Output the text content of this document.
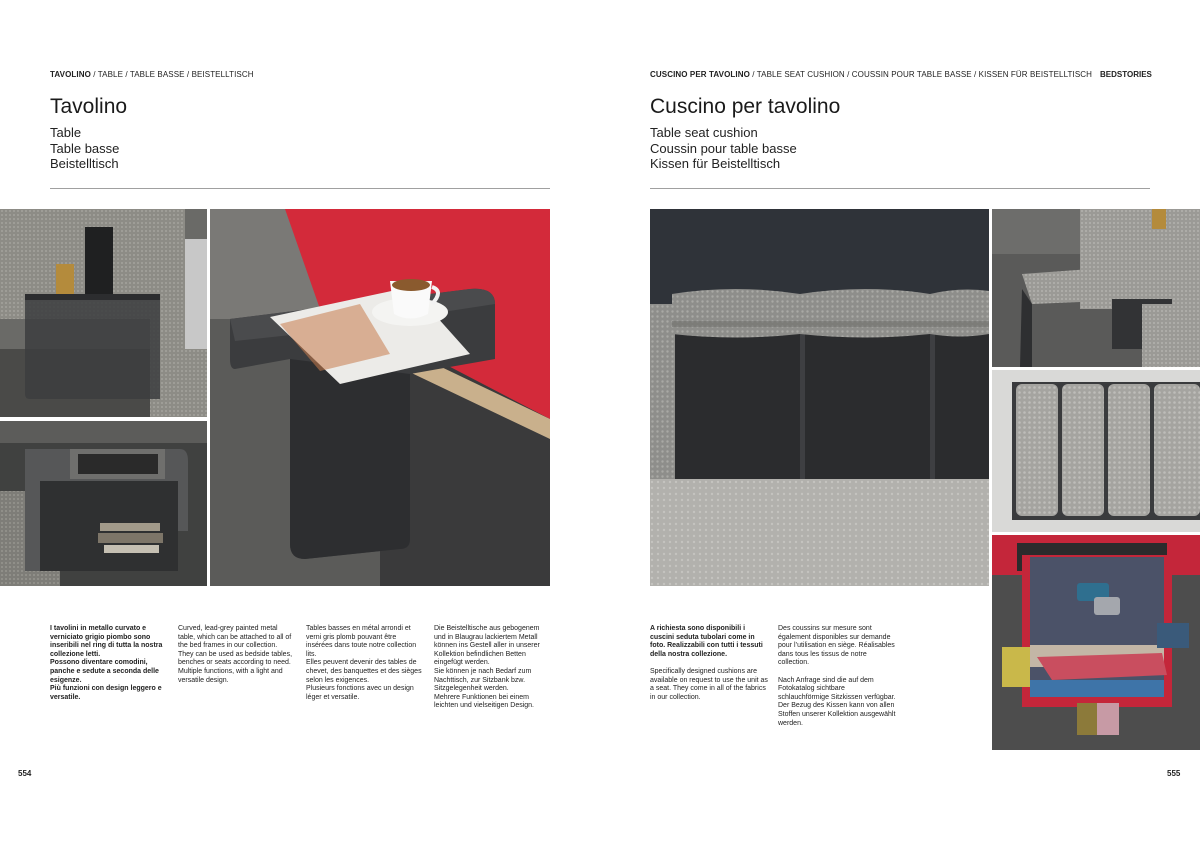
TAVOLINO / TABLE / TABLE BASSE / BEISTELLTISCH
Tavolino
Table
Table basse
Beistelltisch

I tavolini in metallo curvato e verniciato grigio piombo sono inseribili nel ring di tutta la nostra collezione letti.

Possono diventare comodini, panche e sedute a seconda delle esigenze.

Più funzioni con design leggero e versatile.

Curved, lead-grey painted metal table, which can be attached to all of the bed frames in our collection. They can be used as bedside tables, benches or seats according to need. Multiple functions, with a light and versatile design.

Tables basses en métal arrondi et verni gris plomb pouvant être insérées dans toute notre collection lits.

Elles peuvent devenir des tables de chevet, des banquettes et des sièges selon les exigences.

Plusieurs fonctions avec un design léger et versatile.

Die Beistelltische aus gebogenem und in Blaugrau lackiertem Metall können ins Gestell aller in unserer Kollektion befindlichen Betten eingefügt werden.

Sie können je nach Bedarf zum Nachttisch, zur Sitzbank bzw. Sitzgelegenheit werden.

Mehrere Funktionen bei einem leichten und vielseitigen Design.

554
CUSCINO PER TAVOLINO / TABLE SEAT CUSHION / COUSSIN POUR TABLE BASSE / KISSEN FÜR BEISTELLTISCH BEDSTORIES
Cuscino per tavolino
Table seat cushion
Coussin pour table basse
Kissen für Beistelltisch

A richiesta sono disponibili i cuscini seduta tubolari come in foto. Realizzabili con tutti i tessuti della nostra collezione.

Specifically designed cushions are available on request to use the unit as a seat. They come in all of the fabrics in our collection.

Des coussins sur mesure sont également disponibles sur demande pour l’utilisation en siège. Réalisables dans tous les tissus de notre collection.

Nach Anfrage sind die auf dem Fotokatalog sichtbare schlauchförmige Sitzkissen verfügbar. Der Bezug des Kissen kann von allen Stoffen unserer Kollektion ausgewählt werden.

555
